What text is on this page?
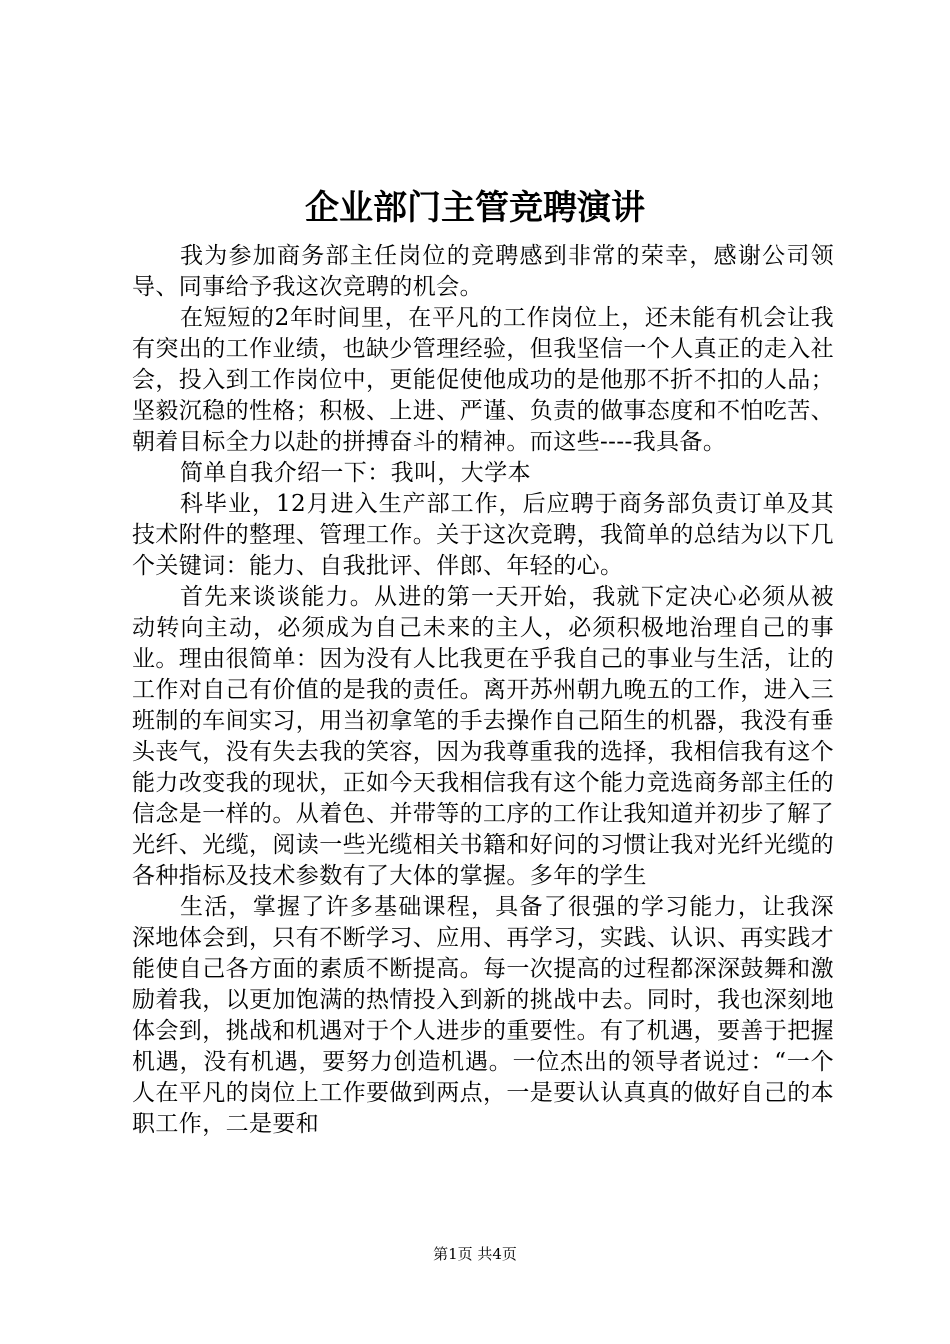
企业部门主管竞聘演讲

我为参加商务部主任岗位的竞聘感到非常的荣幸，感谢公司领导、同事给予我这次竞聘的机会。

在短短的2年时间里，在平凡的工作岗位上，还未能有机会让我有突出的工作业绩，也缺少管理经验，但我坚信一个人真正的走入社会，投入到工作岗位中，更能促使他成功的是他那不折不扣的人品；坚毅沉稳的性格；积极、上进、严谨、负责的做事态度和不怕吃苦、朝着目标全力以赴的拼搏奋斗的精神。而这些----我具备。

简单自我介绍一下：我叫，大学本

科毕业，12月进入生产部工作，后应聘于商务部负责订单及其技术附件的整理、管理工作。关于这次竞聘，我简单的总结为以下几个关键词：能力、自我批评、伴郎、年轻的心。

首先来谈谈能力。从进的第一天开始，我就下定决心必须从被动转向主动，必须成为自己未来的主人，必须积极地治理自己的事业。理由很简单：因为没有人比我更在乎我自己的事业与生活，让的工作对自己有价值的是我的责任。离开苏州朝九晚五的工作，进入三班制的车间实习，用当初拿笔的手去操作自己陌生的机器，我没有垂头丧气，没有失去我的笑容，因为我尊重我的选择，我相信我有这个能力改变我的现状，正如今天我相信我有这个能力竞选商务部主任的信念是一样的。从着色、并带等的工序的工作让我知道并初步了解了光纤、光缆，阅读一些光缆相关书籍和好问的习惯让我对光纤光缆的各种指标及技术参数有了大体的掌握。多年的学生

生活，掌握了许多基础课程，具备了很强的学习能力，让我深深地体会到，只有不断学习、应用、再学习，实践、认识、再实践才能使自己各方面的素质不断提高。每一次提高的过程都深深鼓舞和激励着我，以更加饱满的热情投入到新的挑战中去。同时，我也深刻地体会到，挑战和机遇对于个人进步的重要性。有了机遇，要善于把握机遇，没有机遇，要努力创造机遇。一位杰出的领导者说过：“一个人在平凡的岗位上工作要做到两点，一是要认认真真的做好自己的本职工作，二是要和

第1页 共4页
